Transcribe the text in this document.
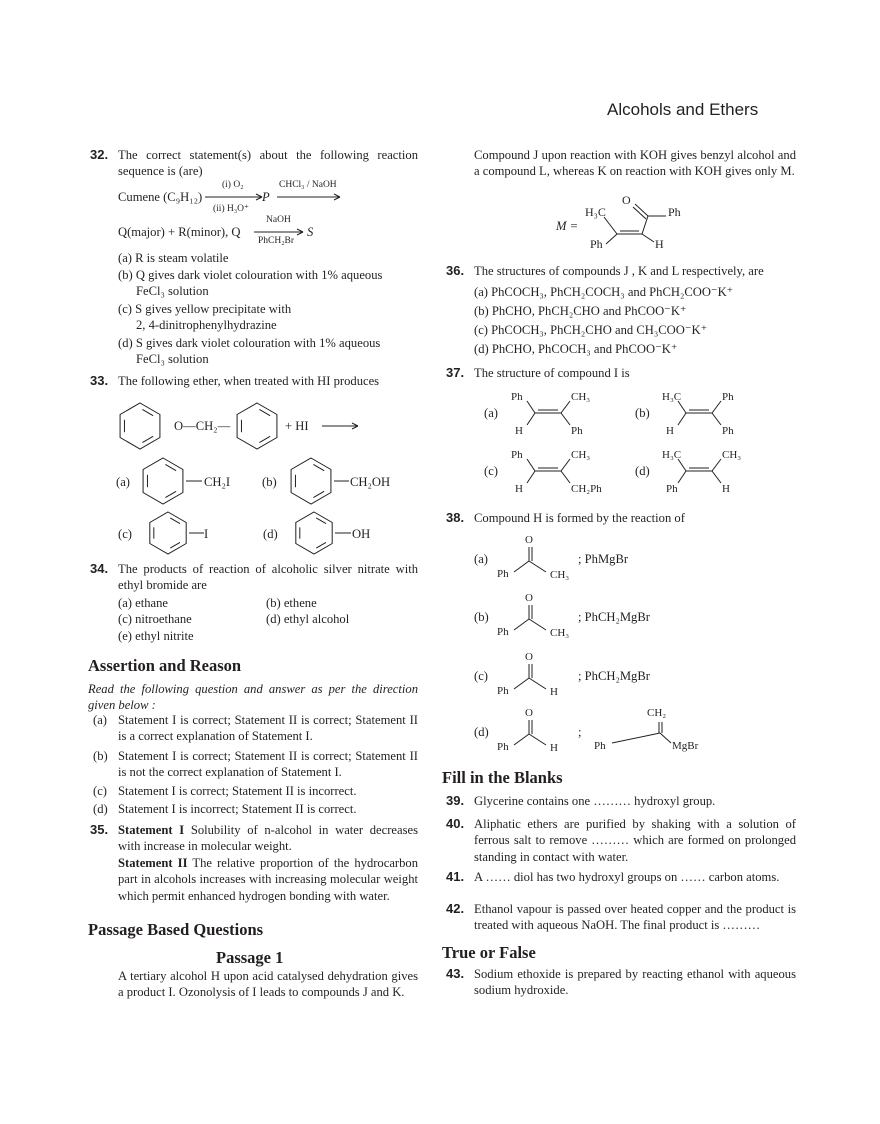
Alcohols and Ethers
32. The correct statement(s) about the following reaction sequence is (are)
Cumene (C₉H₁₂)
(i) O₂
(ii) H₃O⁺
P
CHCl₃ / NaOH
Q(major) + R(minor), Q
NaOH
PhCH₂Br
S
(a) R is steam volatile
(b) Q gives dark violet colouration with 1% aqueous
FeCl₃ solution
(c) S gives yellow precipitate with
2, 4-dinitrophenylhydrazine
(d) S gives dark violet colouration with 1% aqueous
FeCl₃ solution
33. The following ether, when treated with HI produces
O—CH₂—	+ HI
(a)	CH₂I	(b)	CH₂OH
(c)	I	(d)	OH
34. The products of reaction of alcoholic silver nitrate with ethyl bromide are
(a) ethane	(b) ethene
(c) nitroethane	(d) ethyl alcohol
(e) ethyl nitrite
Assertion and Reason
Read the following question and answer as per the direction given below :
35. Statement I Solubility of n-alcohol in water decreases with increase in molecular weight.
Statement II The relative proportion of the hydrocarbon part in alcohols increases with increasing molecular weight which permit enhanced hydrogen bonding with water.
Passage Based Questions
Passage 1
A tertiary alcohol H upon acid catalysed dehydration gives a product I. Ozonolysis of I leads to compounds J and K.
Compound J upon reaction with KOH gives benzyl alcohol and a compound L, whereas K on reaction with KOH gives only M.
M =
H₃C
O
Ph
Ph	H
36. The structures of compounds J , K and L respectively, are
(a) PhCOCH₃, PhCH₂COCH₃ and PhCH₂COO⁻K⁺
(b) PhCHO, PhCH₂CHO and PhCOO⁻K⁺
(c) PhCOCH₃, PhCH₂CHO and CH₃COO⁻K⁺
(d) PhCHO, PhCOCH₃ and PhCOO⁻K⁺
37. The structure of compound I is
38. Compound H is formed by the reaction of
CH₂
Ph	MgBr
Fill in the Blanks
39. Glycerine contains one ……… hydroxyl group.
40. Aliphatic ethers are purified by shaking with a solution of ferrous salt to remove ……… which are formed on prolonged standing in contact with water.
41. A …… diol has two hydroxyl groups on …… carbon atoms.
42. Ethanol vapour is passed over heated copper and the product is treated with aqueous NaOH. The final product is ………
True or False
43. Sodium ethoxide is prepared by reacting ethanol with aqueous sodium hydroxide.
(a) Statement I is correct; Statement II is correct; Statement II is a correct explanation of Statement I.
(b) Statement I is correct; Statement II is correct; Statement II is not the correct explanation of Statement I.
(c) Statement I is correct; Statement II is incorrect.
(d) Statement I is incorrect; Statement II is correct.
(a)
Ph	CH₃
H	Ph
(b)
H₃C	Ph
H	Ph
(c)
Ph	CH₃
H	CH₂Ph
(d)
H₃C	CH₃
Ph	H
(a)
O
Ph	CH₃
; PhMgBr
(b)
O
Ph	CH₃
; PhCH₂MgBr
(c)
O
Ph	H
; PhCH₂MgBr
(d)
O
Ph	H
;
